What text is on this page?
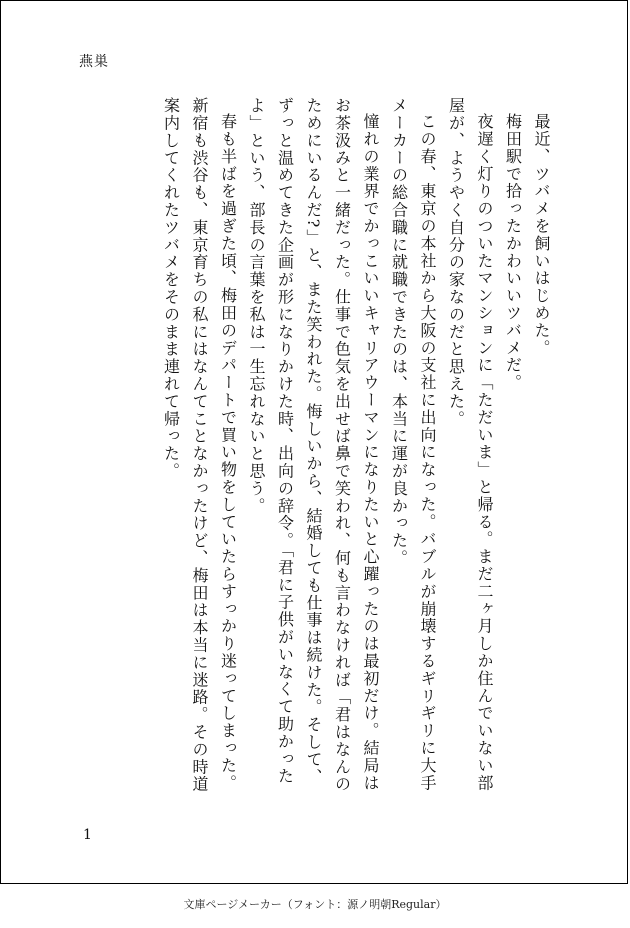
燕巣

最近、ツバメを飼いはじめた。

梅田駅で拾ったかわいいツバメだ。

夜遅く灯りのついたマンションに「ただいま」と帰る。まだ二ヶ月しか住んでいない部屋が、ようやく自分の家なのだと思えた。

この春、東京の本社から大阪の支社に出向になった。バブルが崩壊するギリギリに大手メーカーの総合職に就職できたのは、本当に運が良かった。

憧れの業界でかっこいいキャリアウーマンになりたいと心躍ったのは最初だけ。結局はお茶汲みと一緒だった。仕事で色気を出せば鼻で笑われ、何も言わなければ「君はなんのためにいるんだ?」と、また笑われた。悔しいから、結婚しても仕事は続けた。そして、ずっと温めてきた企画が形になりかけた時、出向の辞令。「君に子供がいなくて助かったよ」という、部長の言葉を私は一生忘れないと思う。

春も半ばを過ぎた頃、梅田のデパートで買い物をしていたらすっかり迷ってしまった。新宿も渋谷も、東京育ちの私にはなんてことなかったけど、梅田は本当に迷路。その時道案内してくれたツバメをそのまま連れて帰った。

1
文庫ページメーカー（フォント：源ノ明朝Regular）
